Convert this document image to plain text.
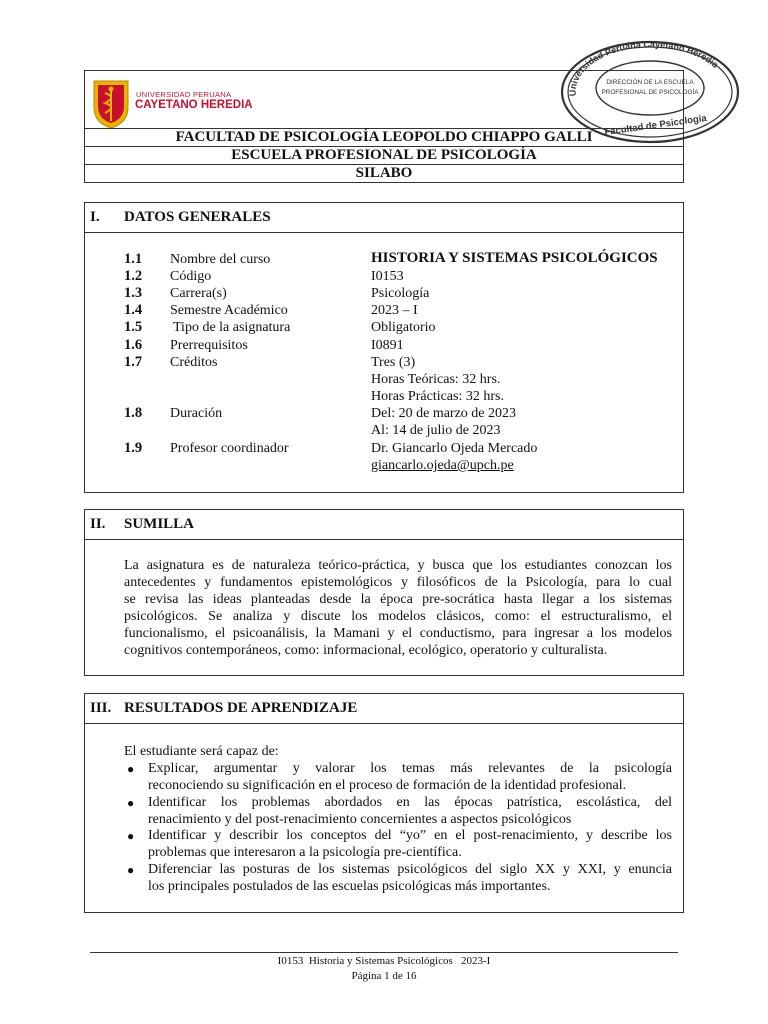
UNIVERSIDAD PERUANA
CAYETANO HEREDIA
Universidad Peruana Cayetano Heredia
DIRECCIÓN DE LA ESCUELA
PROFESIONAL DE PSICOLOGÍA
Facultad de Psicología
FACULTAD DE PSICOLOGÍA LEOPOLDO CHIAPPO GALLI
ESCUELA PROFESIONAL DE PSICOLOGÍA
SILABO
I. DATOS GENERALES
1.1 Nombre del curso	HISTORIA Y SISTEMAS PSICOLÓGICOS
1.2 Código	I0153
1.3 Carrera(s)	Psicología
1.4 Semestre Académico	2023 – I
1.5 Tipo de la asignatura	Obligatorio
1.6 Prerrequisitos	I0891
1.7 Créditos	Tres (3)
Horas Teóricas: 32 hrs.
Horas Prácticas: 32 hrs.
1.8 Duración	Del: 20 de marzo de 2023
Al: 14 de julio de 2023
1.9 Profesor coordinador	Dr. Giancarlo Ojeda Mercado
giancarlo.ojeda@upch.pe
II. SUMILLA
La asignatura es de naturaleza teórico-práctica, y busca que los estudiantes conozcan los
antecedentes y fundamentos epistemológicos y filosóficos de la Psicología, para lo cual
se revisa las ideas planteadas desde la época pre-socrática hasta llegar a los sistemas
psicológicos. Se analiza y discute los modelos clásicos, como: el estructuralismo, el
funcionalismo, el psicoanálisis, la Mamani y el conductismo, para ingresar a los modelos
cognitivos contemporáneos, como: informacional, ecológico, operatorio y culturalista.
III. RESULTADOS DE APRENDIZAJE
El estudiante será capaz de:
● Explicar, argumentar y valorar los temas más relevantes de la psicología
reconociendo su significación en el proceso de formación de la identidad profesional.
● Identificar los problemas abordados en las épocas patrística, escolástica, del
renacimiento y del post-renacimiento concernientes a aspectos psicológicos
● Identificar y describir los conceptos del “yo” en el post-renacimiento, y describe los
problemas que interesaron a la psicología pre-científica.
● Diferenciar las posturas de los sistemas psicológicos del siglo XX y XXI, y enuncia
los principales postulados de las escuelas psicológicas más importantes.
I0153  Historia y Sistemas Psicológicos   2023-I
Página 1 de 16
